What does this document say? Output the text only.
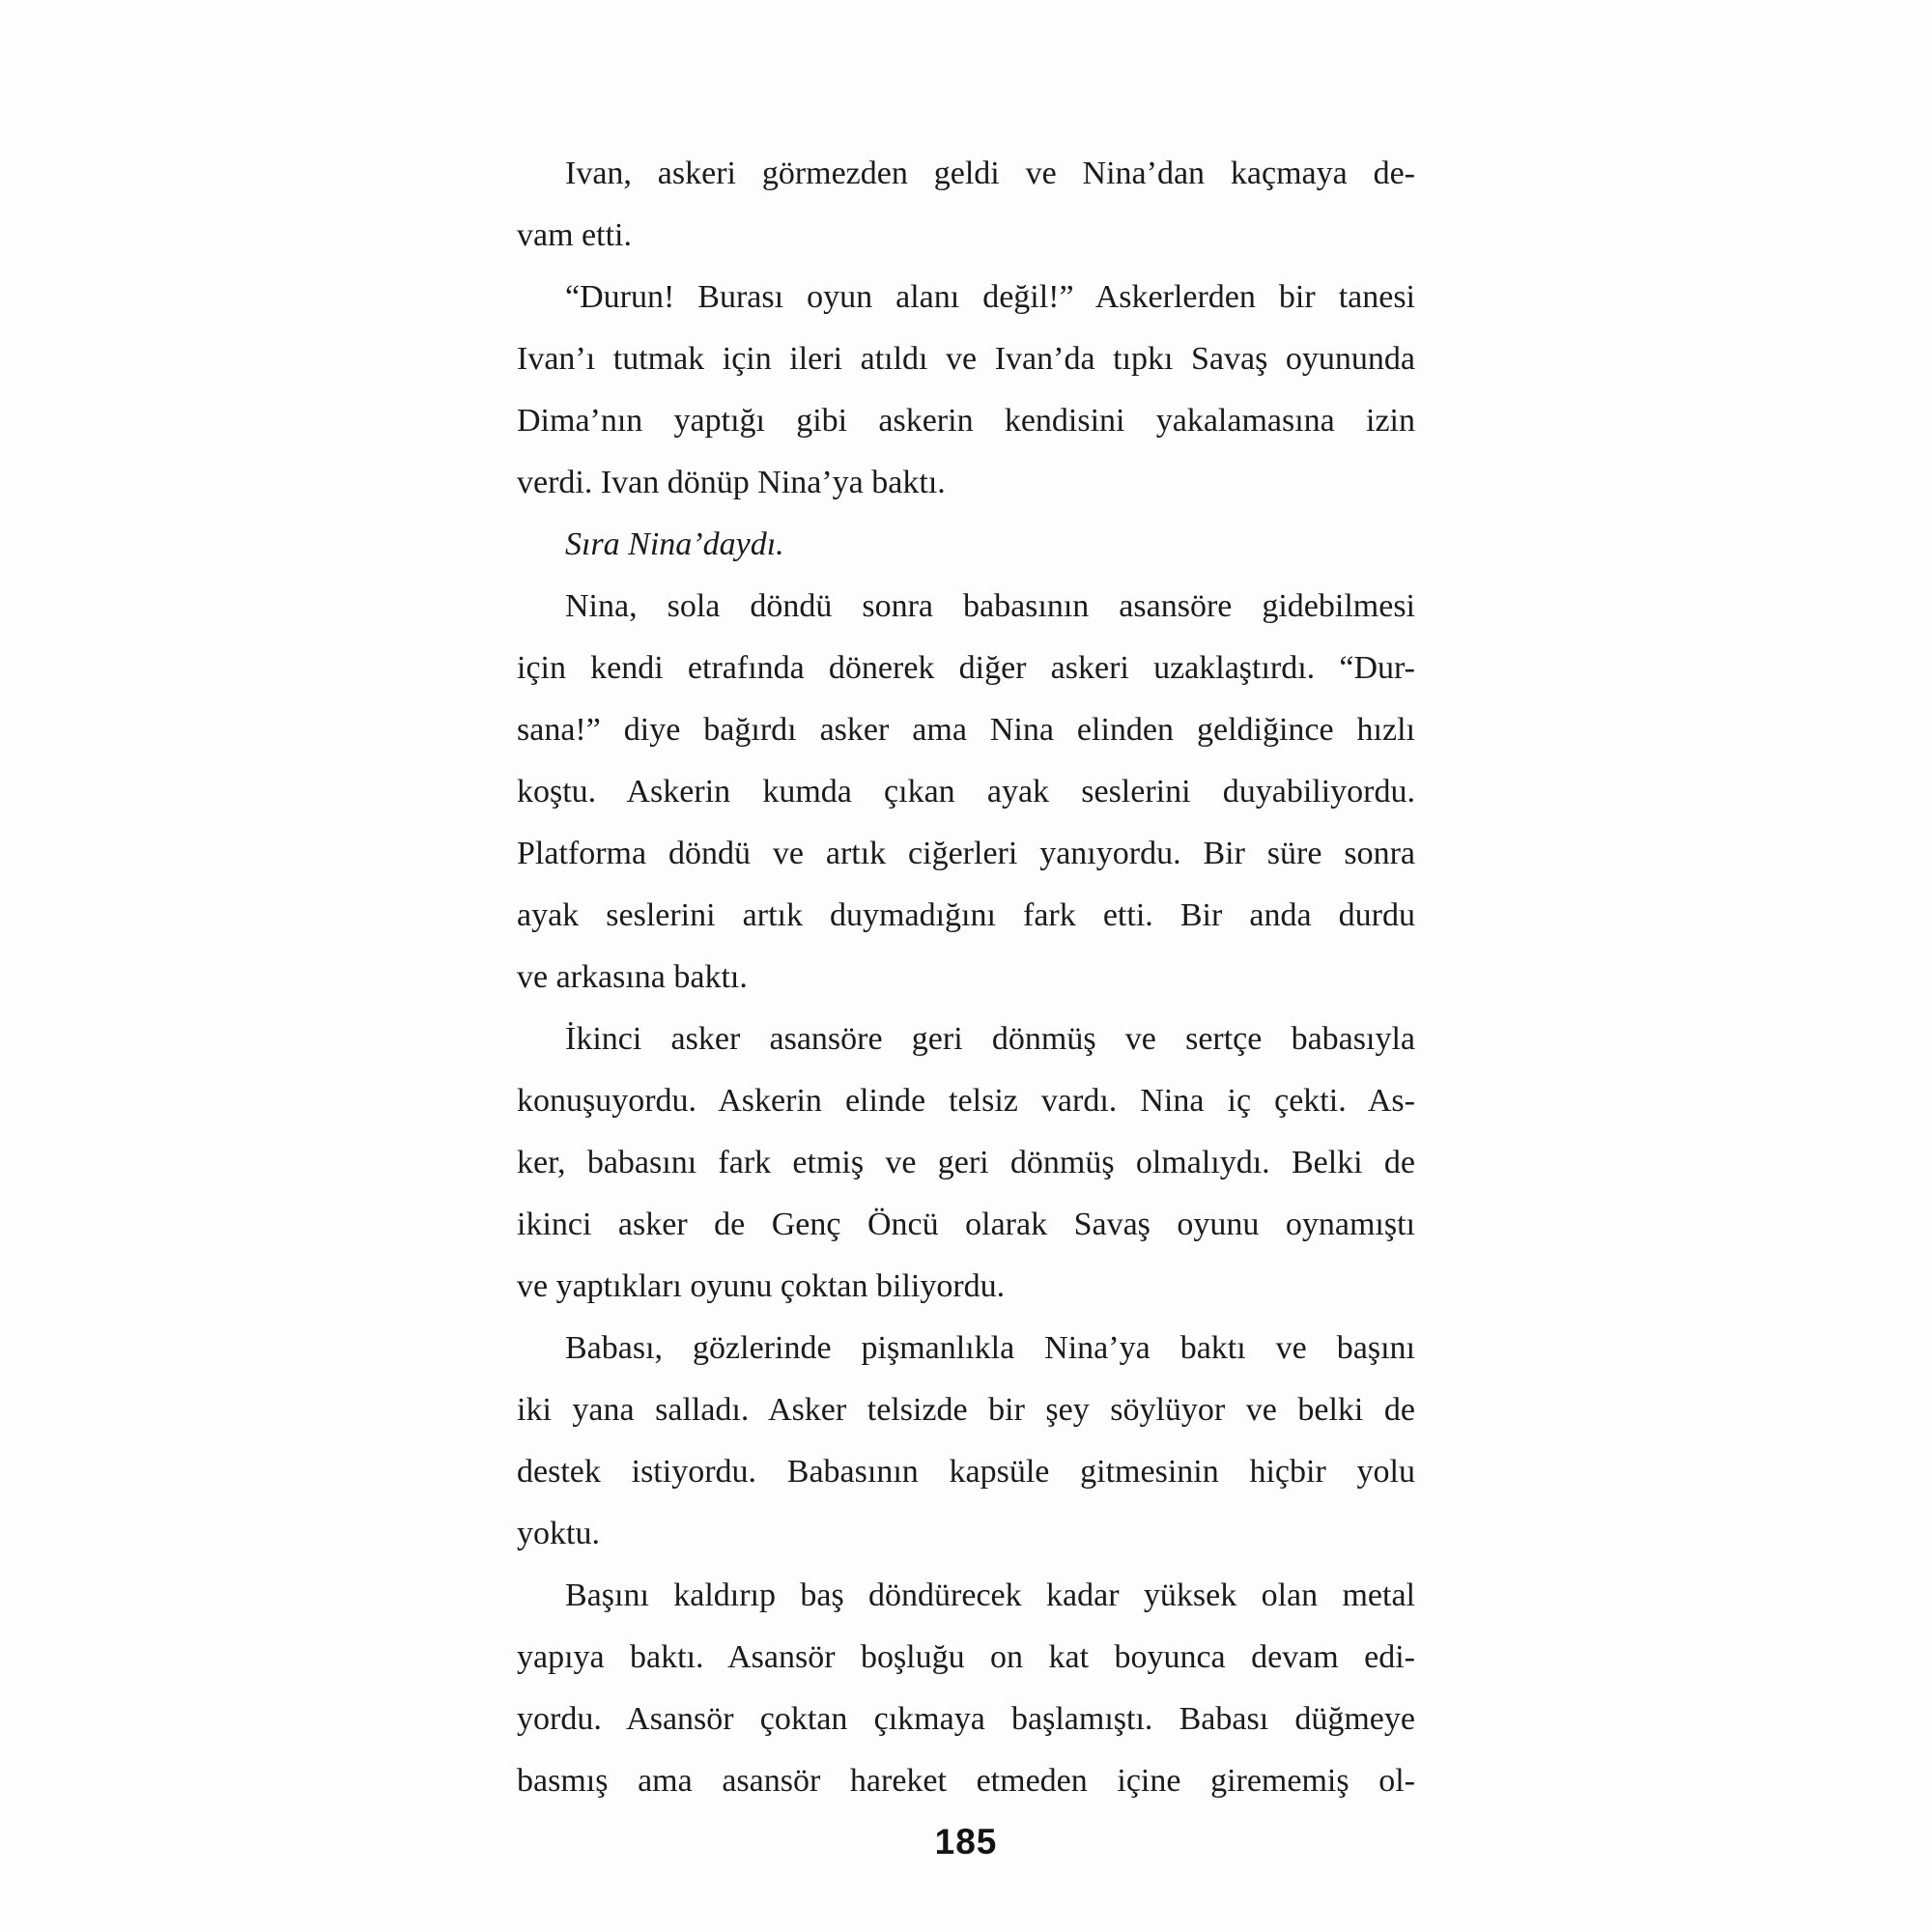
Ivan, askeri görmezden geldi ve Nina’dan kaçmaya de-
vam etti.
“Durun! Burası oyun alanı değil!” Askerlerden bir tanesi
Ivan’ı tutmak için ileri atıldı ve Ivan’da tıpkı Savaş oyununda
Dima’nın yaptığı gibi askerin kendisini yakalamasına izin
verdi. Ivan dönüp Nina’ya baktı.
Sıra Nina’daydı.
Nina, sola döndü sonra babasının asansöre gidebilmesi
için kendi etrafında dönerek diğer askeri uzaklaştırdı. “Dur-
sana!” diye bağırdı asker ama Nina elinden geldiğince hızlı
koştu. Askerin kumda çıkan ayak seslerini duyabiliyordu.
Platforma döndü ve artık ciğerleri yanıyordu. Bir süre sonra
ayak seslerini artık duymadığını fark etti. Bir anda durdu
ve arkasına baktı.
İkinci asker asansöre geri dönmüş ve sertçe babasıyla
konuşuyordu. Askerin elinde telsiz vardı. Nina iç çekti. As-
ker, babasını fark etmiş ve geri dönmüş olmalıydı. Belki de
ikinci asker de Genç Öncü olarak Savaş oyunu oynamıştı
ve yaptıkları oyunu çoktan biliyordu.
Babası, gözlerinde pişmanlıkla Nina’ya baktı ve başını
iki yana salladı. Asker telsizde bir şey söylüyor ve belki de
destek istiyordu. Babasının kapsüle gitmesinin hiçbir yolu
yoktu.
Başını kaldırıp baş döndürecek kadar yüksek olan metal
yapıya baktı. Asansör boşluğu on kat boyunca devam edi-
yordu. Asansör çoktan çıkmaya başlamıştı. Babası düğmeye
basmış ama asansör hareket etmeden içine girememiş ol-
185
